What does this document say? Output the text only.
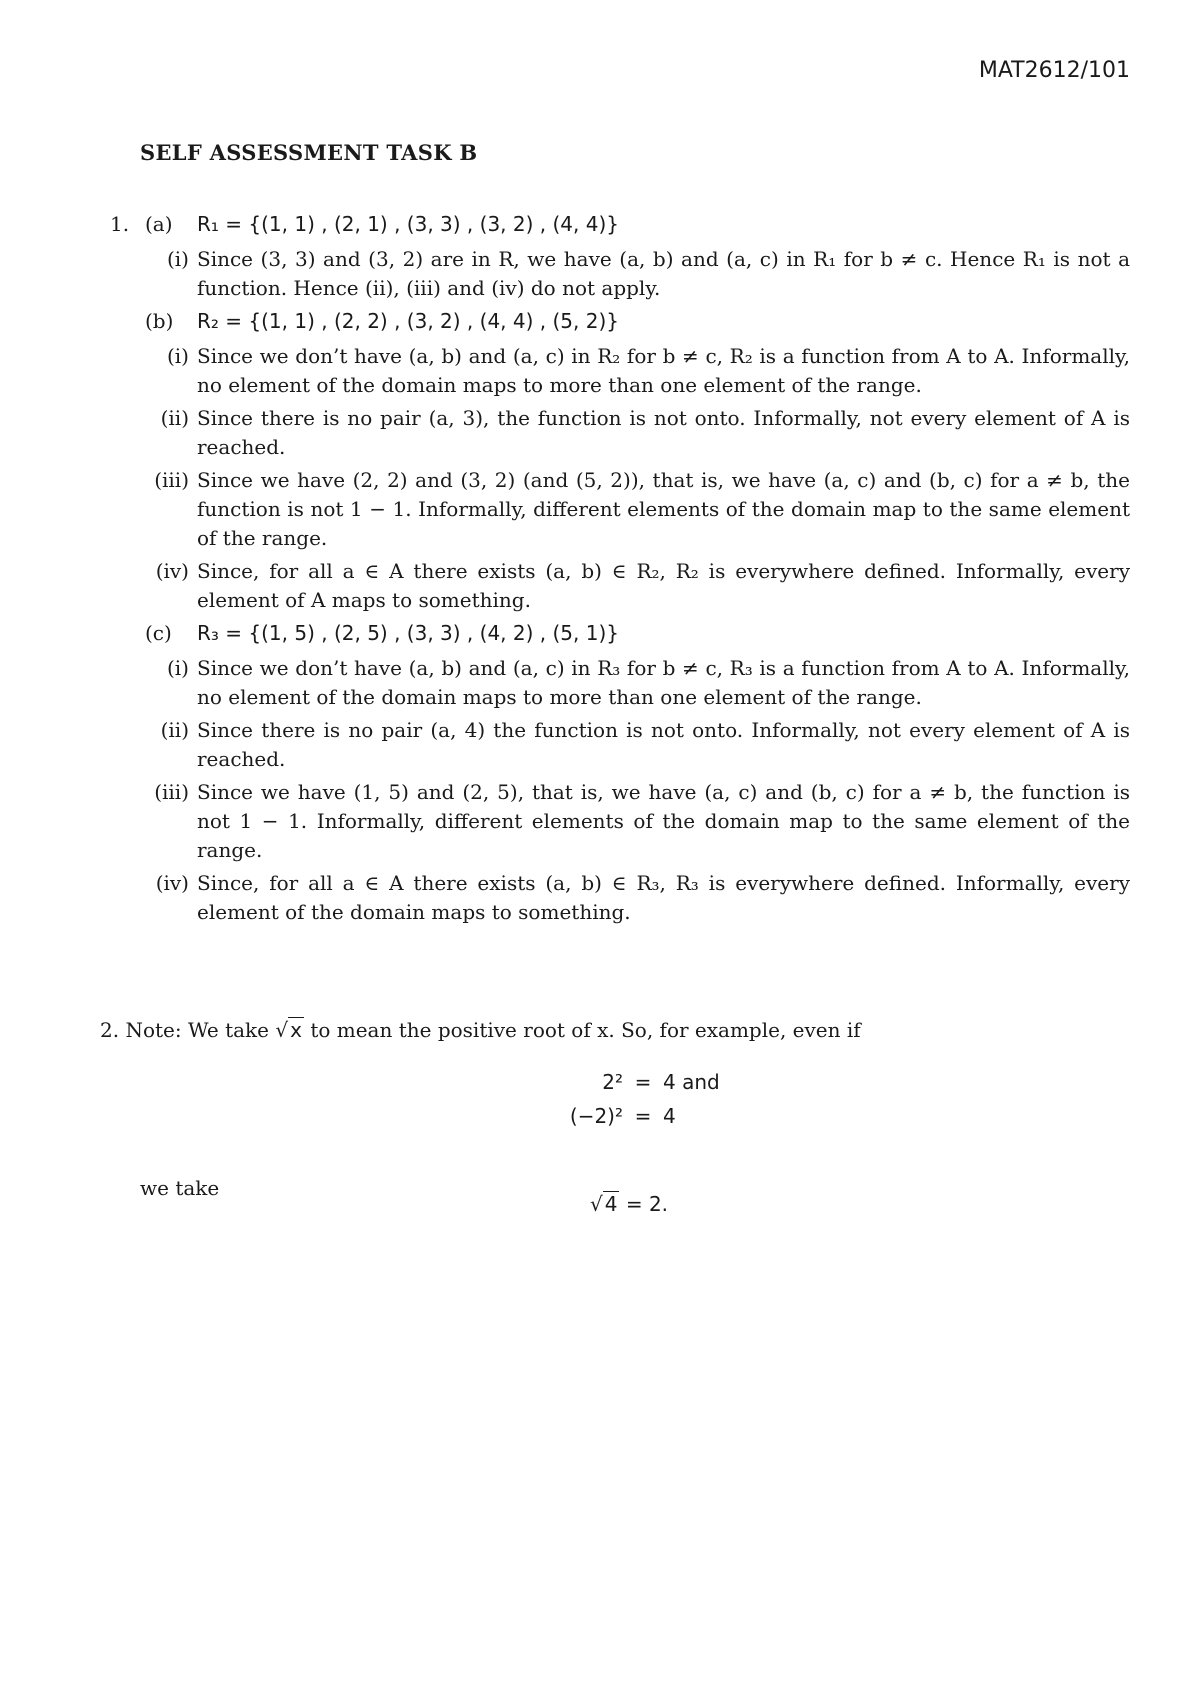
MAT2612/101
SELF ASSESSMENT TASK B
1. (a)	R₁ = {(1, 1) , (2, 1) , (3, 3) , (3, 2) , (4, 4)}
(i) Since (3, 3) and (3, 2) are in R, we have (a, b) and (a, c) in R₁ for b ≠ c. Hence R₁ is not a function. Hence (ii), (iii) and (iv) do not apply.
(b)	R₂ = {(1, 1) , (2, 2) , (3, 2) , (4, 4) , (5, 2)}
(i) Since we don’t have (a, b) and (a, c) in R₂ for b ≠ c, R₂ is a function from A to A. Informally, no element of the domain maps to more than one element of the range.
(ii) Since there is no pair (a, 3), the function is not onto. Informally, not every element of A is reached.
(iii) Since we have (2, 2) and (3, 2) (and (5, 2)), that is, we have (a, c) and (b, c) for a ≠ b, the function is not 1 − 1. Informally, different elements of the domain map to the same element of the range.
(iv) Since, for all a ∈ A there exists (a, b) ∈ R₂, R₂ is everywhere defined. Informally, every element of A maps to something.
(c)	R₃ = {(1, 5) , (2, 5) , (3, 3) , (4, 2) , (5, 1)}
(i) Since we don’t have (a, b) and (a, c) in R₃ for b ≠ c, R₃ is a function from A to A. Informally, no element of the domain maps to more than one element of the range.
(ii) Since there is no pair (a, 4) the function is not onto. Informally, not every element of A is reached.
(iii) Since we have (1, 5) and (2, 5), that is, we have (a, c) and (b, c) for a ≠ b, the function is not 1 − 1. Informally, different elements of the domain map to the same element of the range.
(iv) Since, for all a ∈ A there exists (a, b) ∈ R₃, R₃ is everywhere defined. Informally, every element of the domain maps to something.
2. Note: We take √ x to mean the positive root of x. So, for example, even if
2² = 4 and
(−2)² = 4
we take
√ 4 = 2.
